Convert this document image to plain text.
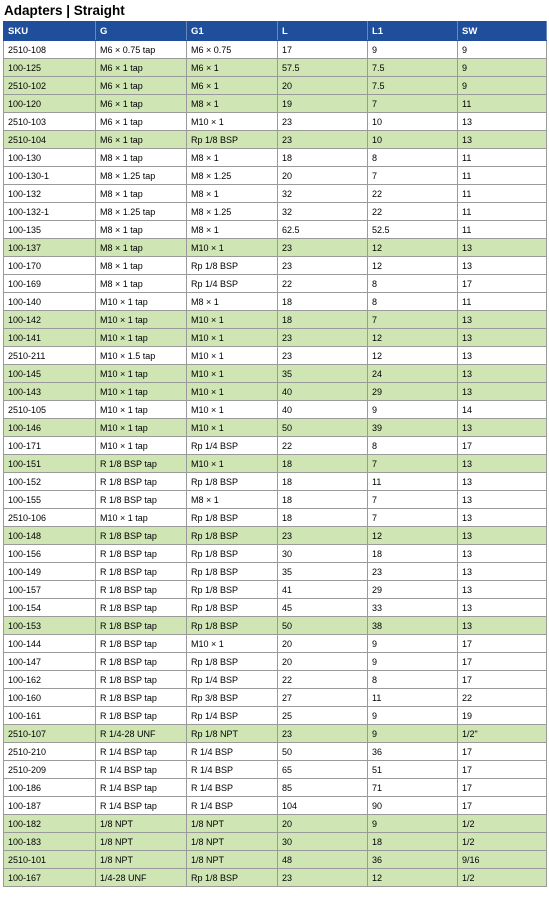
Adapters | Straight
SKU	G	G1	L	L1	SW
2510-108	M6 × 0.75 tap	M6 × 0.75	17	9	9
100-125	M6 × 1 tap	M6 × 1	57.5	7.5	9
2510-102	M6 × 1 tap	M6 × 1	20	7.5	9
100-120	M6 × 1 tap	M8 × 1	19	7	11
2510-103	M6 × 1 tap	M10 × 1	23	10	13
2510-104	M6 × 1 tap	Rp 1/8 BSP	23	10	13
100-130	M8 × 1 tap	M8 × 1	18	8	11
100-130-1	M8 × 1.25 tap	M8 × 1.25	20	7	11
100-132	M8 × 1 tap	M8 × 1	32	22	11
100-132-1	M8 × 1.25 tap	M8 × 1.25	32	22	11
100-135	M8 × 1 tap	M8 × 1	62.5	52.5	11
100-137	M8 × 1 tap	M10 × 1	23	12	13
100-170	M8 × 1 tap	Rp 1/8 BSP	23	12	13
100-169	M8 × 1 tap	Rp 1/4 BSP	22	8	17
100-140	M10 × 1 tap	M8 × 1	18	8	11
100-142	M10 × 1 tap	M10 × 1	18	7	13
100-141	M10 × 1 tap	M10 × 1	23	12	13
2510-211	M10 × 1.5 tap	M10 × 1	23	12	13
100-145	M10 × 1 tap	M10 × 1	35	24	13
100-143	M10 × 1 tap	M10 × 1	40	29	13
2510-105	M10 × 1 tap	M10 × 1	40	9	14
100-146	M10 × 1 tap	M10 × 1	50	39	13
100-171	M10 × 1 tap	Rp 1/4 BSP	22	8	17
100-151	R 1/8 BSP tap	M10 × 1	18	7	13
100-152	R 1/8 BSP tap	Rp 1/8 BSP	18	11	13
100-155	R 1/8 BSP tap	M8 × 1	18	7	13
2510-106	M10 × 1 tap	Rp 1/8 BSP	18	7	13
100-148	R 1/8 BSP tap	Rp 1/8 BSP	23	12	13
100-156	R 1/8 BSP tap	Rp 1/8 BSP	30	18	13
100-149	R 1/8 BSP tap	Rp 1/8 BSP	35	23	13
100-157	R 1/8 BSP tap	Rp 1/8 BSP	41	29	13
100-154	R 1/8 BSP tap	Rp 1/8 BSP	45	33	13
100-153	R 1/8 BSP tap	Rp 1/8 BSP	50	38	13
100-144	R 1/8 BSP tap	M10 × 1	20	9	17
100-147	R 1/8 BSP tap	Rp 1/8 BSP	20	9	17
100-162	R 1/8 BSP tap	Rp 1/4 BSP	22	8	17
100-160	R 1/8 BSP tap	Rp 3/8 BSP	27	11	22
100-161	R 1/8 BSP tap	Rp 1/4 BSP	25	9	19
2510-107	R 1/4-28 UNF	Rp 1/8 NPT	23	9	1/2"
2510-210	R 1/4 BSP tap	R 1/4 BSP	50	36	17
2510-209	R 1/4 BSP tap	R 1/4 BSP	65	51	17
100-186	R 1/4 BSP tap	R 1/4 BSP	85	71	17
100-187	R 1/4 BSP tap	R 1/4 BSP	104	90	17
100-182	1/8 NPT	1/8 NPT	20	9	1/2
100-183	1/8 NPT	1/8 NPT	30	18	1/2
2510-101	1/8 NPT	1/8 NPT	48	36	9/16
100-167	1/4-28 UNF	Rp 1/8 BSP	23	12	1/2
